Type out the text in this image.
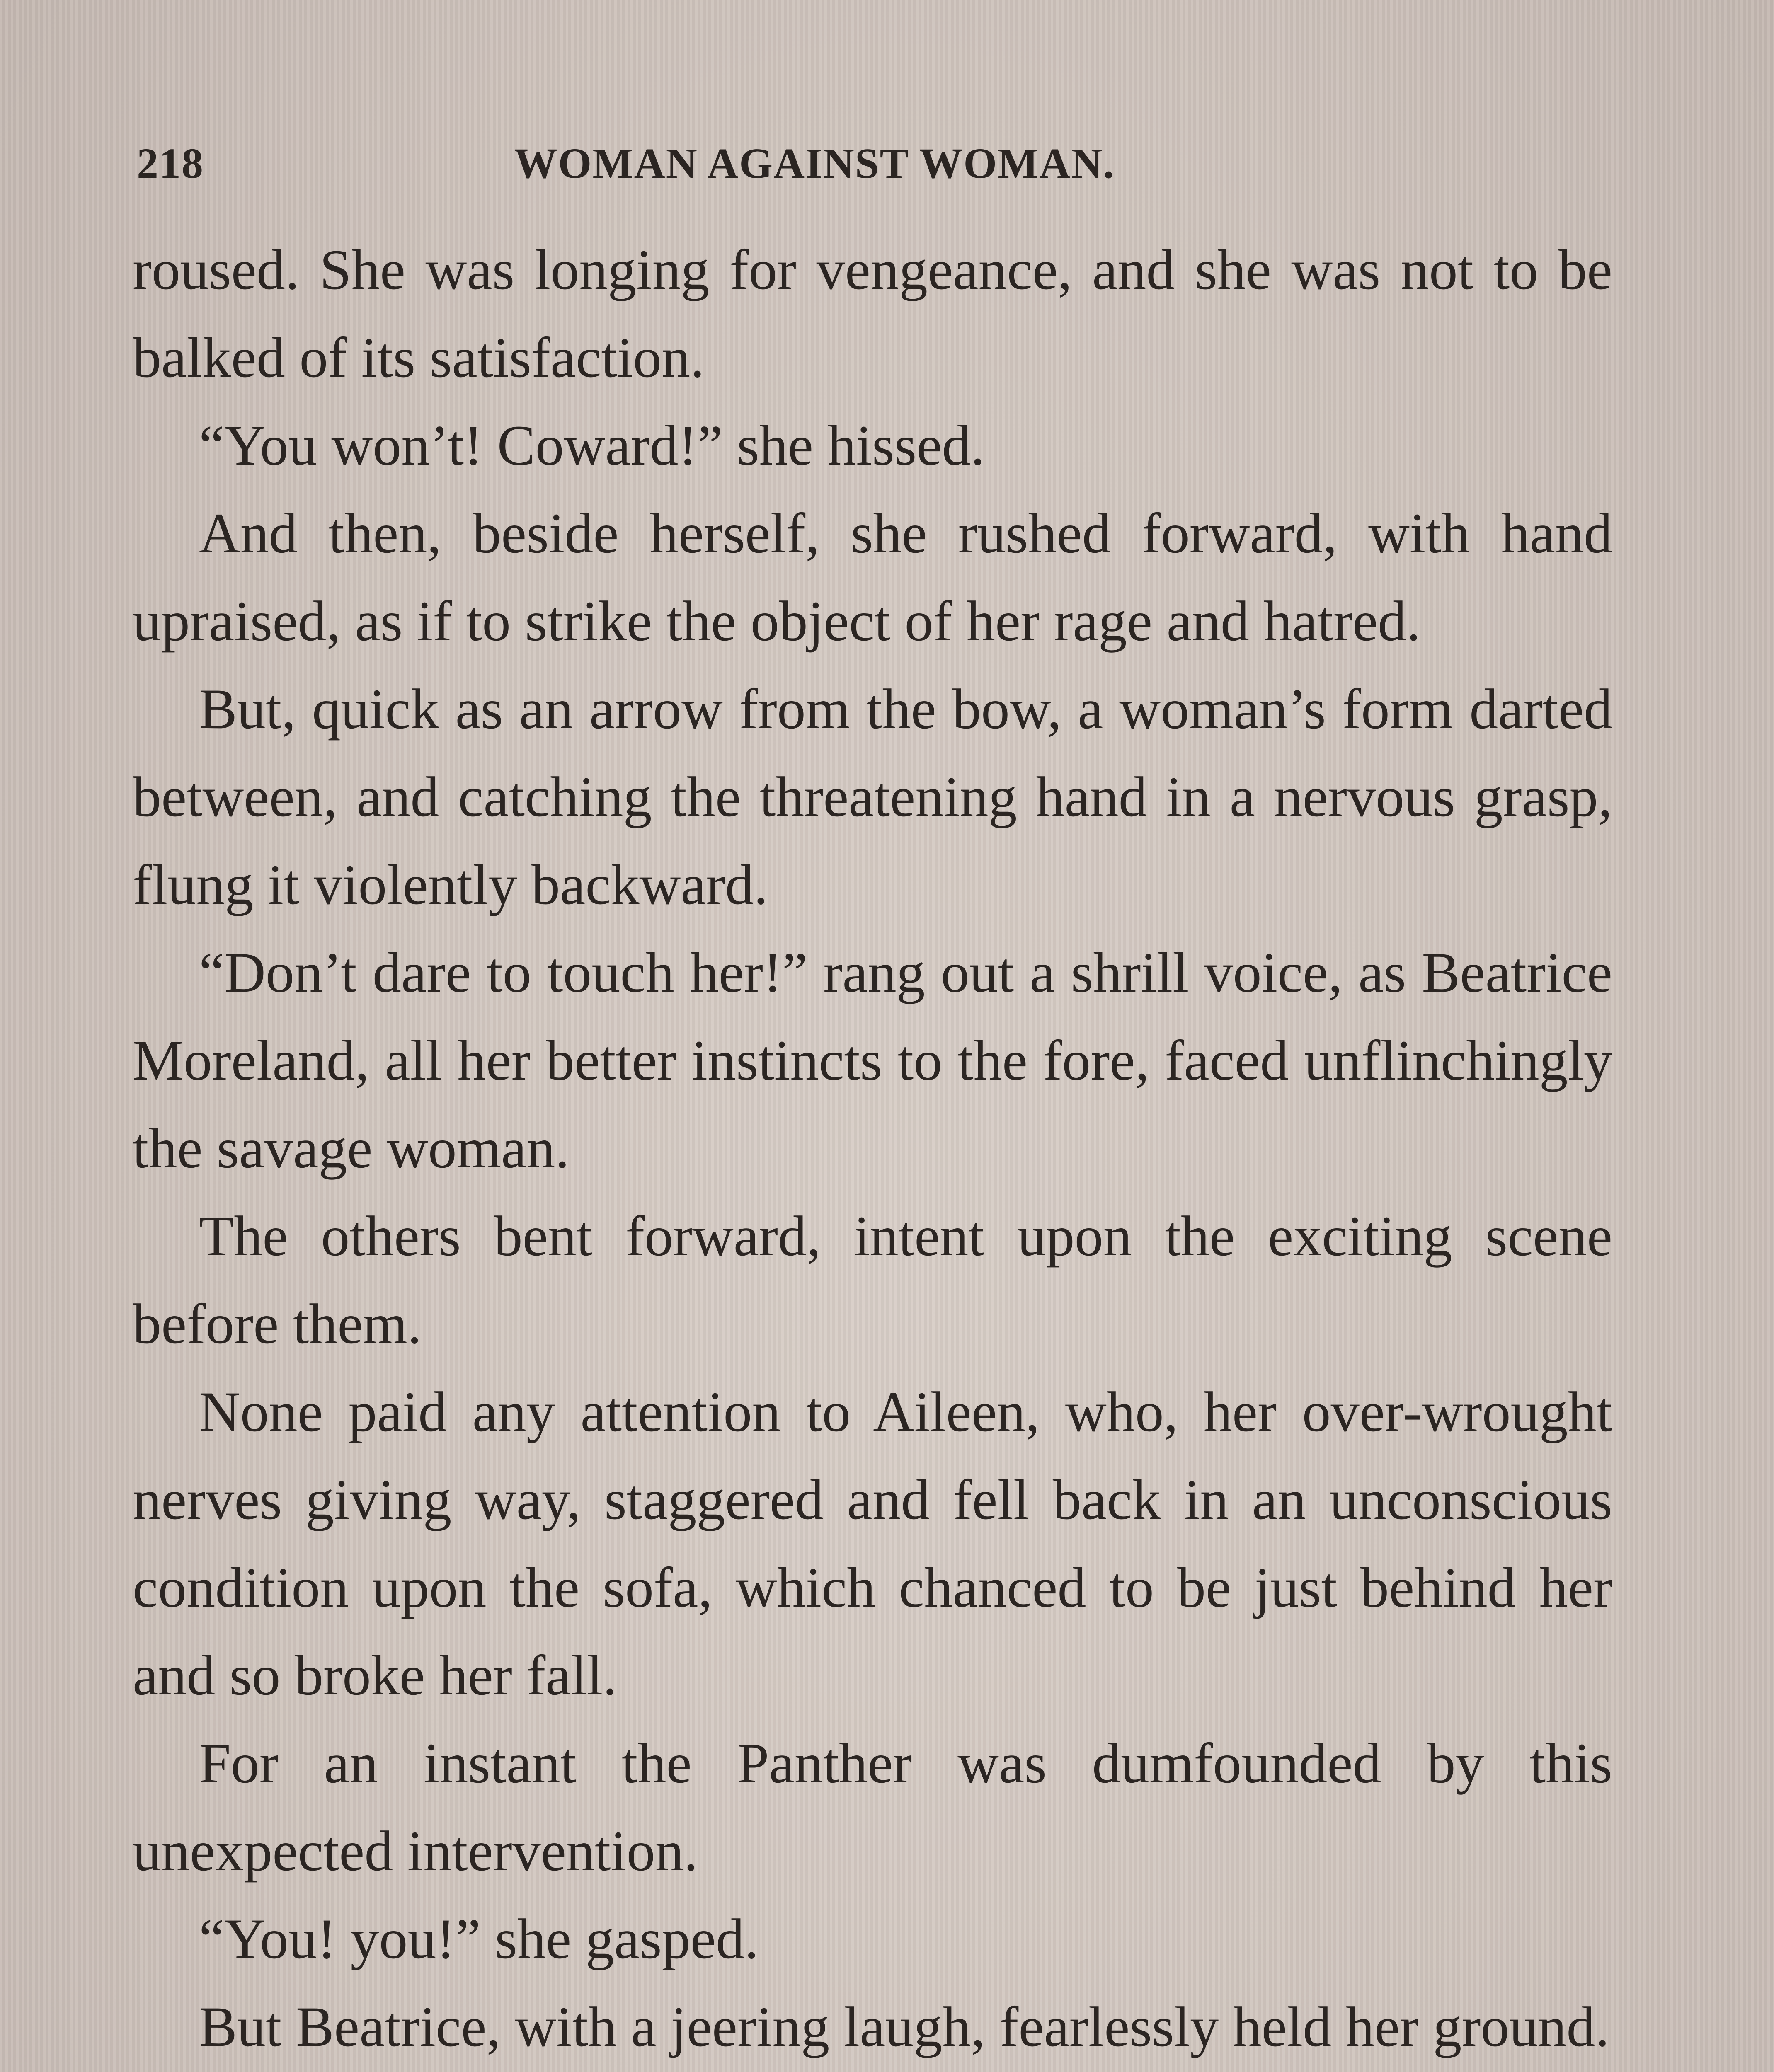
218	WOMAN AGAINST WOMAN.

roused. She was longing for vengeance, and she was not to be balked of its satisfaction.

“You won’t! Coward!” she hissed.

And then, beside herself, she rushed forward, with hand upraised, as if to strike the object of her rage and hatred.

But, quick as an arrow from the bow, a woman’s form darted between, and catching the threatening hand in a nervous grasp, flung it violently backward.

“Don’t dare to touch her!” rang out a shrill voice, as Beatrice Moreland, all her better instincts to the fore, faced unflinchingly the savage woman.

The others bent forward, intent upon the exciting scene before them.

None paid any attention to Aileen, who, her over-wrought nerves giving way, staggered and fell back in an unconscious condition upon the sofa, which chanced to be just behind her and so broke her fall.

For an instant the Panther was dumfounded by this unexpected intervention.

“You! you!” she gasped.

But Beatrice, with a jeering laugh, fearlessly held her ground.
